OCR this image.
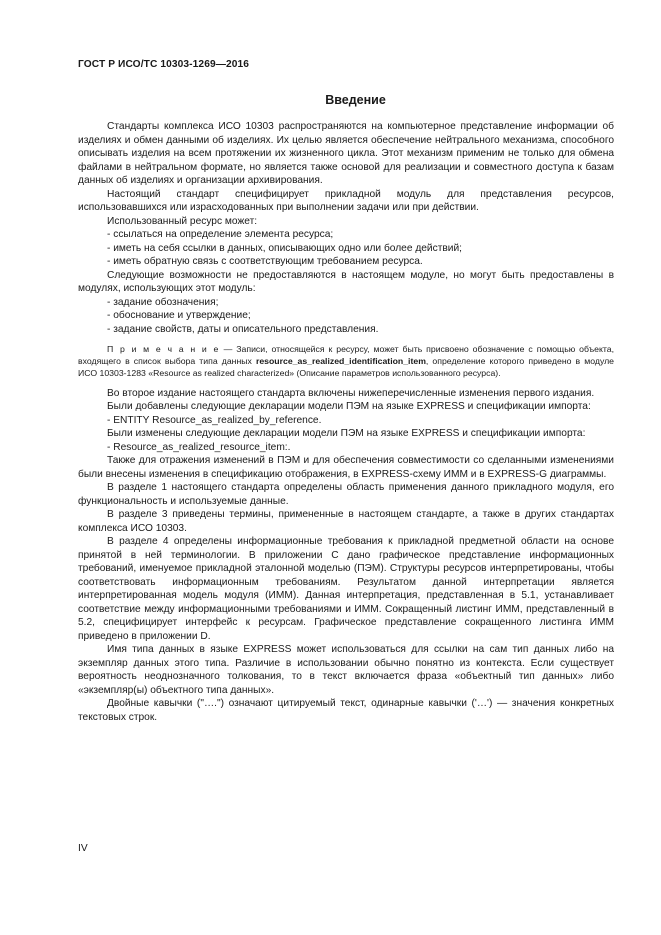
ГОСТ Р ИСО/ТС 10303-1269—2016
Введение

Стандарты комплекса ИСО 10303 распространяются на компьютерное представление информации об изделиях и обмен данными об изделиях. Их целью является обеспечение нейтрального механизма, способного описывать изделия на всем протяжении их жизненного цикла. Этот механизм применим не только для обмена файлами в нейтральном формате, но является также основой для реализации и совместного доступа к базам данных об изделиях и организации архивирования.

Настоящий стандарт специфицирует прикладной модуль для представления ресурсов, использовавшихся или израсходованных при выполнении задачи или при действии.

Использованный ресурс может:

- ссылаться на определение элемента ресурса;

- иметь на себя ссылки в данных, описывающих одно или более действий;

- иметь обратную связь с соответствующим требованием ресурса.

Следующие возможности не предоставляются в настоящем модуле, но могут быть предоставлены в модулях, использующих этот модуль:

- задание обозначения;

- обоснование и утверждение;

- задание свойств, даты и описательного представления.

П р и м е ч а н и е — Записи, относящейся к ресурсу, может быть присвоено обозначение с помощью объекта, входящего в список выбора типа данных resource_as_realized_identification_item, определение которого приведено в модуле ИСО 10303-1283 «Resource as realized characterized» (Описание параметров использованного ресурса).

Во второе издание настоящего стандарта включены нижеперечисленные изменения первого издания.

Были добавлены следующие декларации модели ПЭМ на языке EXPRESS и спецификации импорта:

- ENTITY Resource_as_realized_by_reference.

Были изменены следующие декларации модели ПЭМ на языке EXPRESS и спецификации импорта:

- Resource_as_realized_resource_item:.

Также для отражения изменений в ПЭМ и для обеспечения совместимости со сделанными изменениями были внесены изменения в спецификацию отображения, в EXPRESS-схему ИММ и в EXPRESS-G диаграммы.

В разделе 1 настоящего стандарта определены область применения данного прикладного модуля, его функциональность и используемые данные.

В разделе 3 приведены термины, примененные в настоящем стандарте, а также в других стандартах комплекса ИСО 10303.

В разделе 4 определены информационные требования к прикладной предметной области на основе принятой в ней терминологии. В приложении С дано графическое представление информационных требований, именуемое прикладной эталонной моделью (ПЭМ). Структуры ресурсов интерпретированы, чтобы соответствовать информационным требованиям. Результатом данной интерпретации является интерпретированная модель модуля (ИММ). Данная интерпретация, представленная в 5.1, устанавливает соответствие между информационными требованиями и ИММ. Сокращенный листинг ИММ, представленный в 5.2, специфицирует интерфейс к ресурсам. Графическое представление сокращенного листинга ИММ приведено в приложении D.

Имя типа данных в языке EXPRESS может использоваться для ссылки на сам тип данных либо на экземпляр данных этого типа. Различие в использовании обычно понятно из контекста. Если существует вероятность неоднозначного толкования, то в текст включается фраза «объектный тип данных» либо «экземпляр(ы) объектного типа данных».

Двойные кавычки ("….") означают цитируемый текст, одинарные кавычки ('…') — значения конкретных текстовых строк.

IV
